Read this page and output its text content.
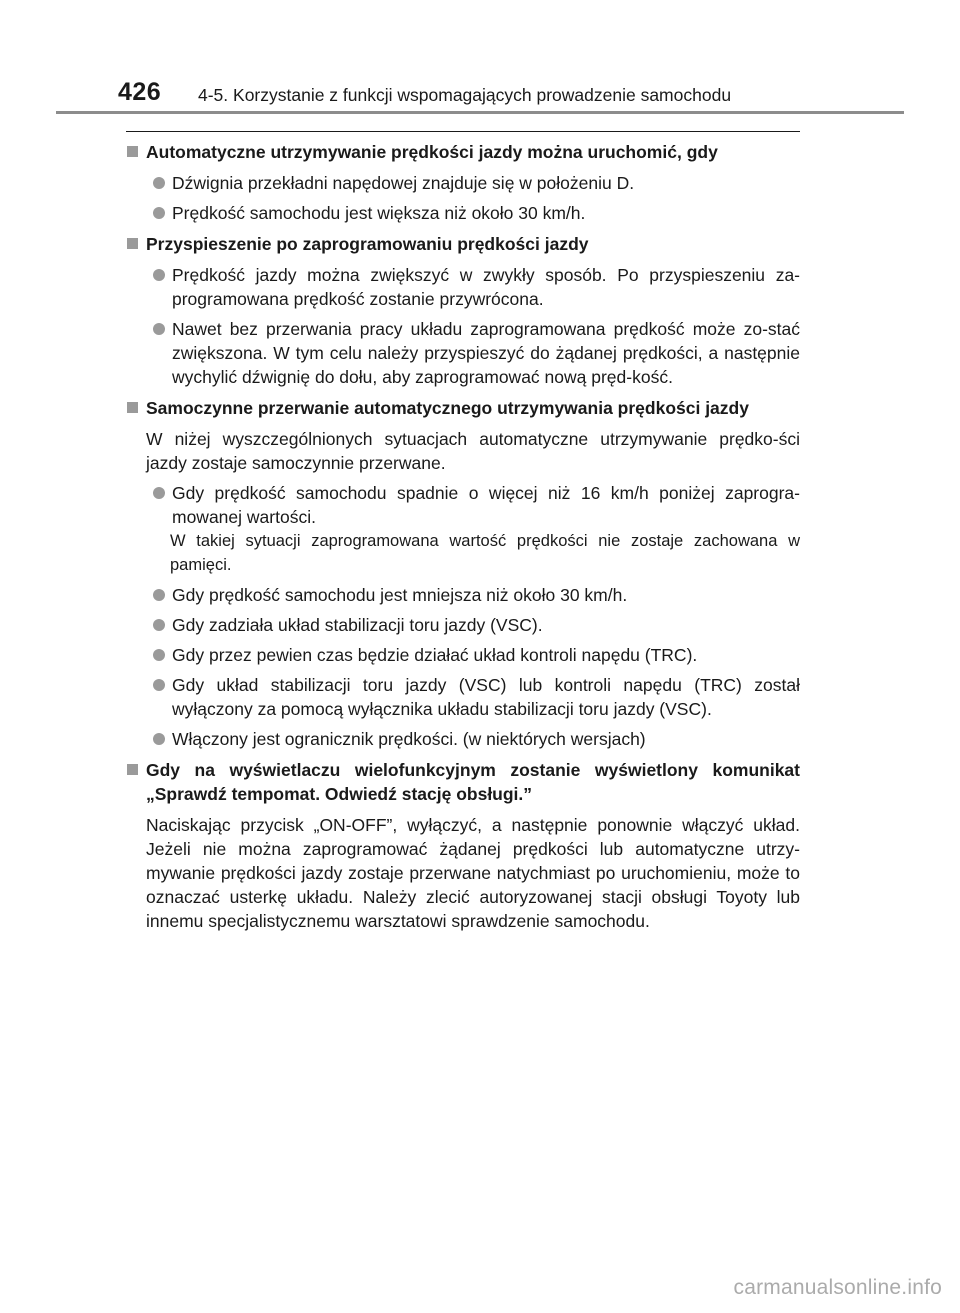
426 4-5. Korzystanie z funkcji wspomagających prowadzenie samochodu
Automatyczne utrzymywanie prędkości jazdy można uruchomić, gdy
Dźwignia przekładni napędowej znajduje się w położeniu D.
Prędkość samochodu jest większa niż około 30 km/h.
Przyspieszenie po zaprogramowaniu prędkości jazdy
Prędkość jazdy można zwiększyć w zwykły sposób. Po przyspieszeniu za-programowana prędkość zostanie przywrócona.
Nawet bez przerwania pracy układu zaprogramowana prędkość może zo-stać zwiększona. W tym celu należy przyspieszyć do żądanej prędkości, a następnie wychylić dźwignię do dołu, aby zaprogramować nową pręd-kość.
Samoczynne przerwanie automatycznego utrzymywania prędkości jazdy
W niżej wyszczególnionych sytuacjach automatyczne utrzymywanie prędko-ści jazdy zostaje samoczynnie przerwane.
Gdy prędkość samochodu spadnie o więcej niż 16 km/h poniżej zaprogra-mowanej wartości.
W takiej sytuacji zaprogramowana wartość prędkości nie zostaje zachowana w pamięci.
Gdy prędkość samochodu jest mniejsza niż około 30 km/h.
Gdy zadziała układ stabilizacji toru jazdy (VSC).
Gdy przez pewien czas będzie działać układ kontroli napędu (TRC).
Gdy układ stabilizacji toru jazdy (VSC) lub kontroli napędu (TRC) został wyłączony za pomocą wyłącznika układu stabilizacji toru jazdy (VSC).
Włączony jest ogranicznik prędkości. (w niektórych wersjach)
Gdy na wyświetlaczu wielofunkcyjnym zostanie wyświetlony komunikat „Sprawdź tempomat. Odwiedź stację obsługi.”
Naciskając przycisk „ON-OFF”, wyłączyć, a następnie ponownie włączyć układ. Jeżeli nie można zaprogramować żądanej prędkości lub automatyczne utrzy-mywanie prędkości jazdy zostaje przerwane natychmiast po uruchomieniu, może to oznaczać usterkę układu. Należy zlecić autoryzowanej stacji obsługi Toyoty lub innemu specjalistycznemu warsztatowi sprawdzenie samochodu.
carmanualsonline.info
